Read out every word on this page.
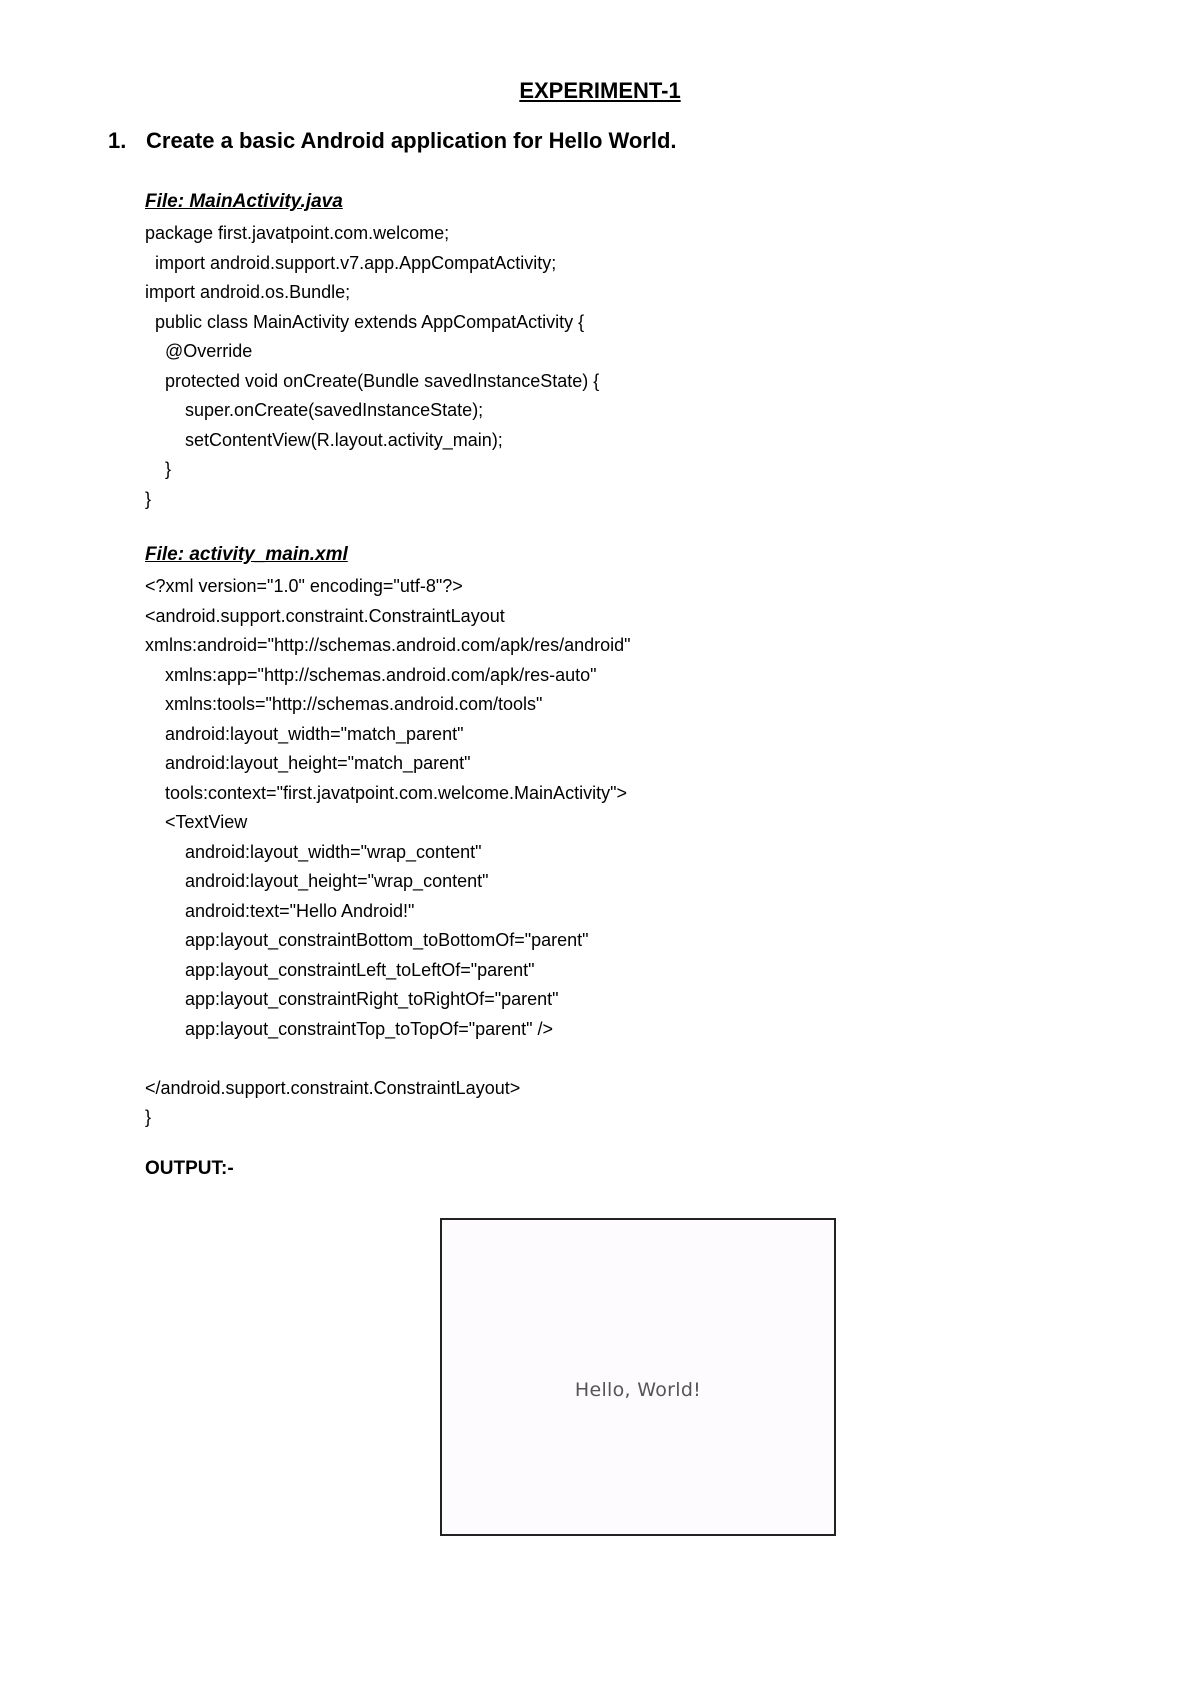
EXPERIMENT-1
1. Create a basic Android application for Hello World.
File: MainActivity.java
package first.javatpoint.com.welcome;
import android.support.v7.app.AppCompatActivity;
import android.os.Bundle;
public class MainActivity extends AppCompatActivity {
@Override
protected void onCreate(Bundle savedInstanceState) {
super.onCreate(savedInstanceState);
setContentView(R.layout.activity_main);
}
}
File: activity_main.xml
<?xml version="1.0" encoding="utf-8"?>
<android.support.constraint.ConstraintLayout
xmlns:android="http://schemas.android.com/apk/res/android"
xmlns:app="http://schemas.android.com/apk/res-auto"
xmlns:tools="http://schemas.android.com/tools"
android:layout_width="match_parent"
android:layout_height="match_parent"
tools:context="first.javatpoint.com.welcome.MainActivity">
<TextView
android:layout_width="wrap_content"
android:layout_height="wrap_content"
android:text="Hello Android!"
app:layout_constraintBottom_toBottomOf="parent"
app:layout_constraintLeft_toLeftOf="parent"
app:layout_constraintRight_toRightOf="parent"
app:layout_constraintTop_toTopOf="parent" />
</android.support.constraint.ConstraintLayout>
}
OUTPUT:-
Hello, World!
